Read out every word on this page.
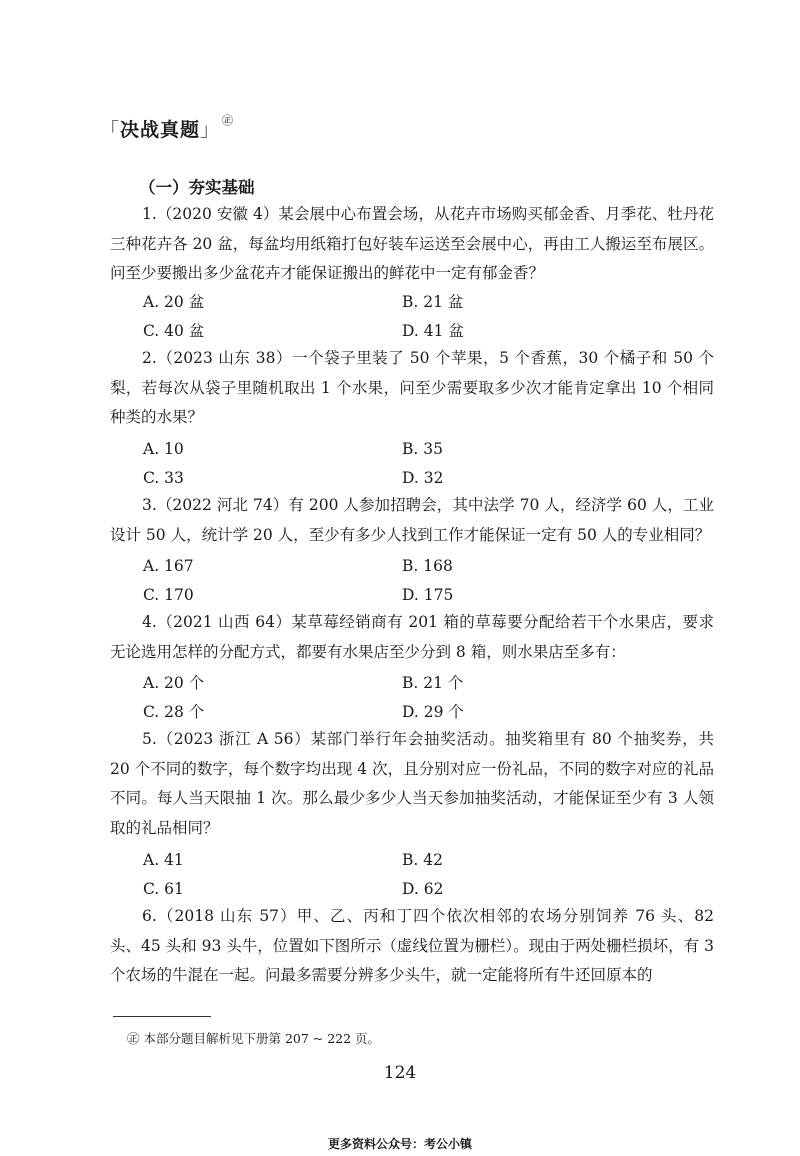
「决战真题」 ㊣
（一）夯实基础

1.（2020 安徽 4）某会展中心布置会场，从花卉市场购买郁金香、月季花、牡丹花三种花卉各 20 盆，每盆均用纸箱打包好装车运送至会展中心，再由工人搬运至布展区。问至少要搬出多少盆花卉才能保证搬出的鲜花中一定有郁金香？

A. 20 盆	B. 21 盆
C. 40 盆	D. 41 盆

2.（2023 山东 38）一个袋子里装了 50 个苹果，5 个香蕉，30 个橘子和 50 个梨，若每次从袋子里随机取出 1 个水果，问至少需要取多少次才能肯定拿出 10 个相同种类的水果？

A. 10	B. 35
C. 33	D. 32

3.（2022 河北 74）有 200 人参加招聘会，其中法学 70 人，经济学 60 人，工业设计 50 人，统计学 20 人，至少有多少人找到工作才能保证一定有 50 人的专业相同？

A. 167	B. 168
C. 170	D. 175

4.（2021 山西 64）某草莓经销商有 201 箱的草莓要分配给若干个水果店，要求无论选用怎样的分配方式，都要有水果店至少分到 8 箱，则水果店至多有：

A. 20 个	B. 21 个
C. 28 个	D. 29 个

5.（2023 浙江 A 56）某部门举行年会抽奖活动。抽奖箱里有 80 个抽奖券，共 20 个不同的数字，每个数字均出现 4 次，且分别对应一份礼品，不同的数字对应的礼品不同。每人当天限抽 1 次。那么最少多少人当天参加抽奖活动，才能保证至少有 3 人领取的礼品相同？

A. 41	B. 42
C. 61	D. 62

6.（2018 山东 57）甲、乙、丙和丁四个依次相邻的农场分别饲养 76 头、82 头、45 头和 93 头牛，位置如下图所示（虚线位置为栅栏）。现由于两处栅栏损坏，有 3 个农场的牛混在一起。问最多需要分辨多少头牛，就一定能将所有牛还回原本的

㊣ 本部分题目解析见下册第 207 ~ 222 页。
124
更多资料公众号：考公小镇
